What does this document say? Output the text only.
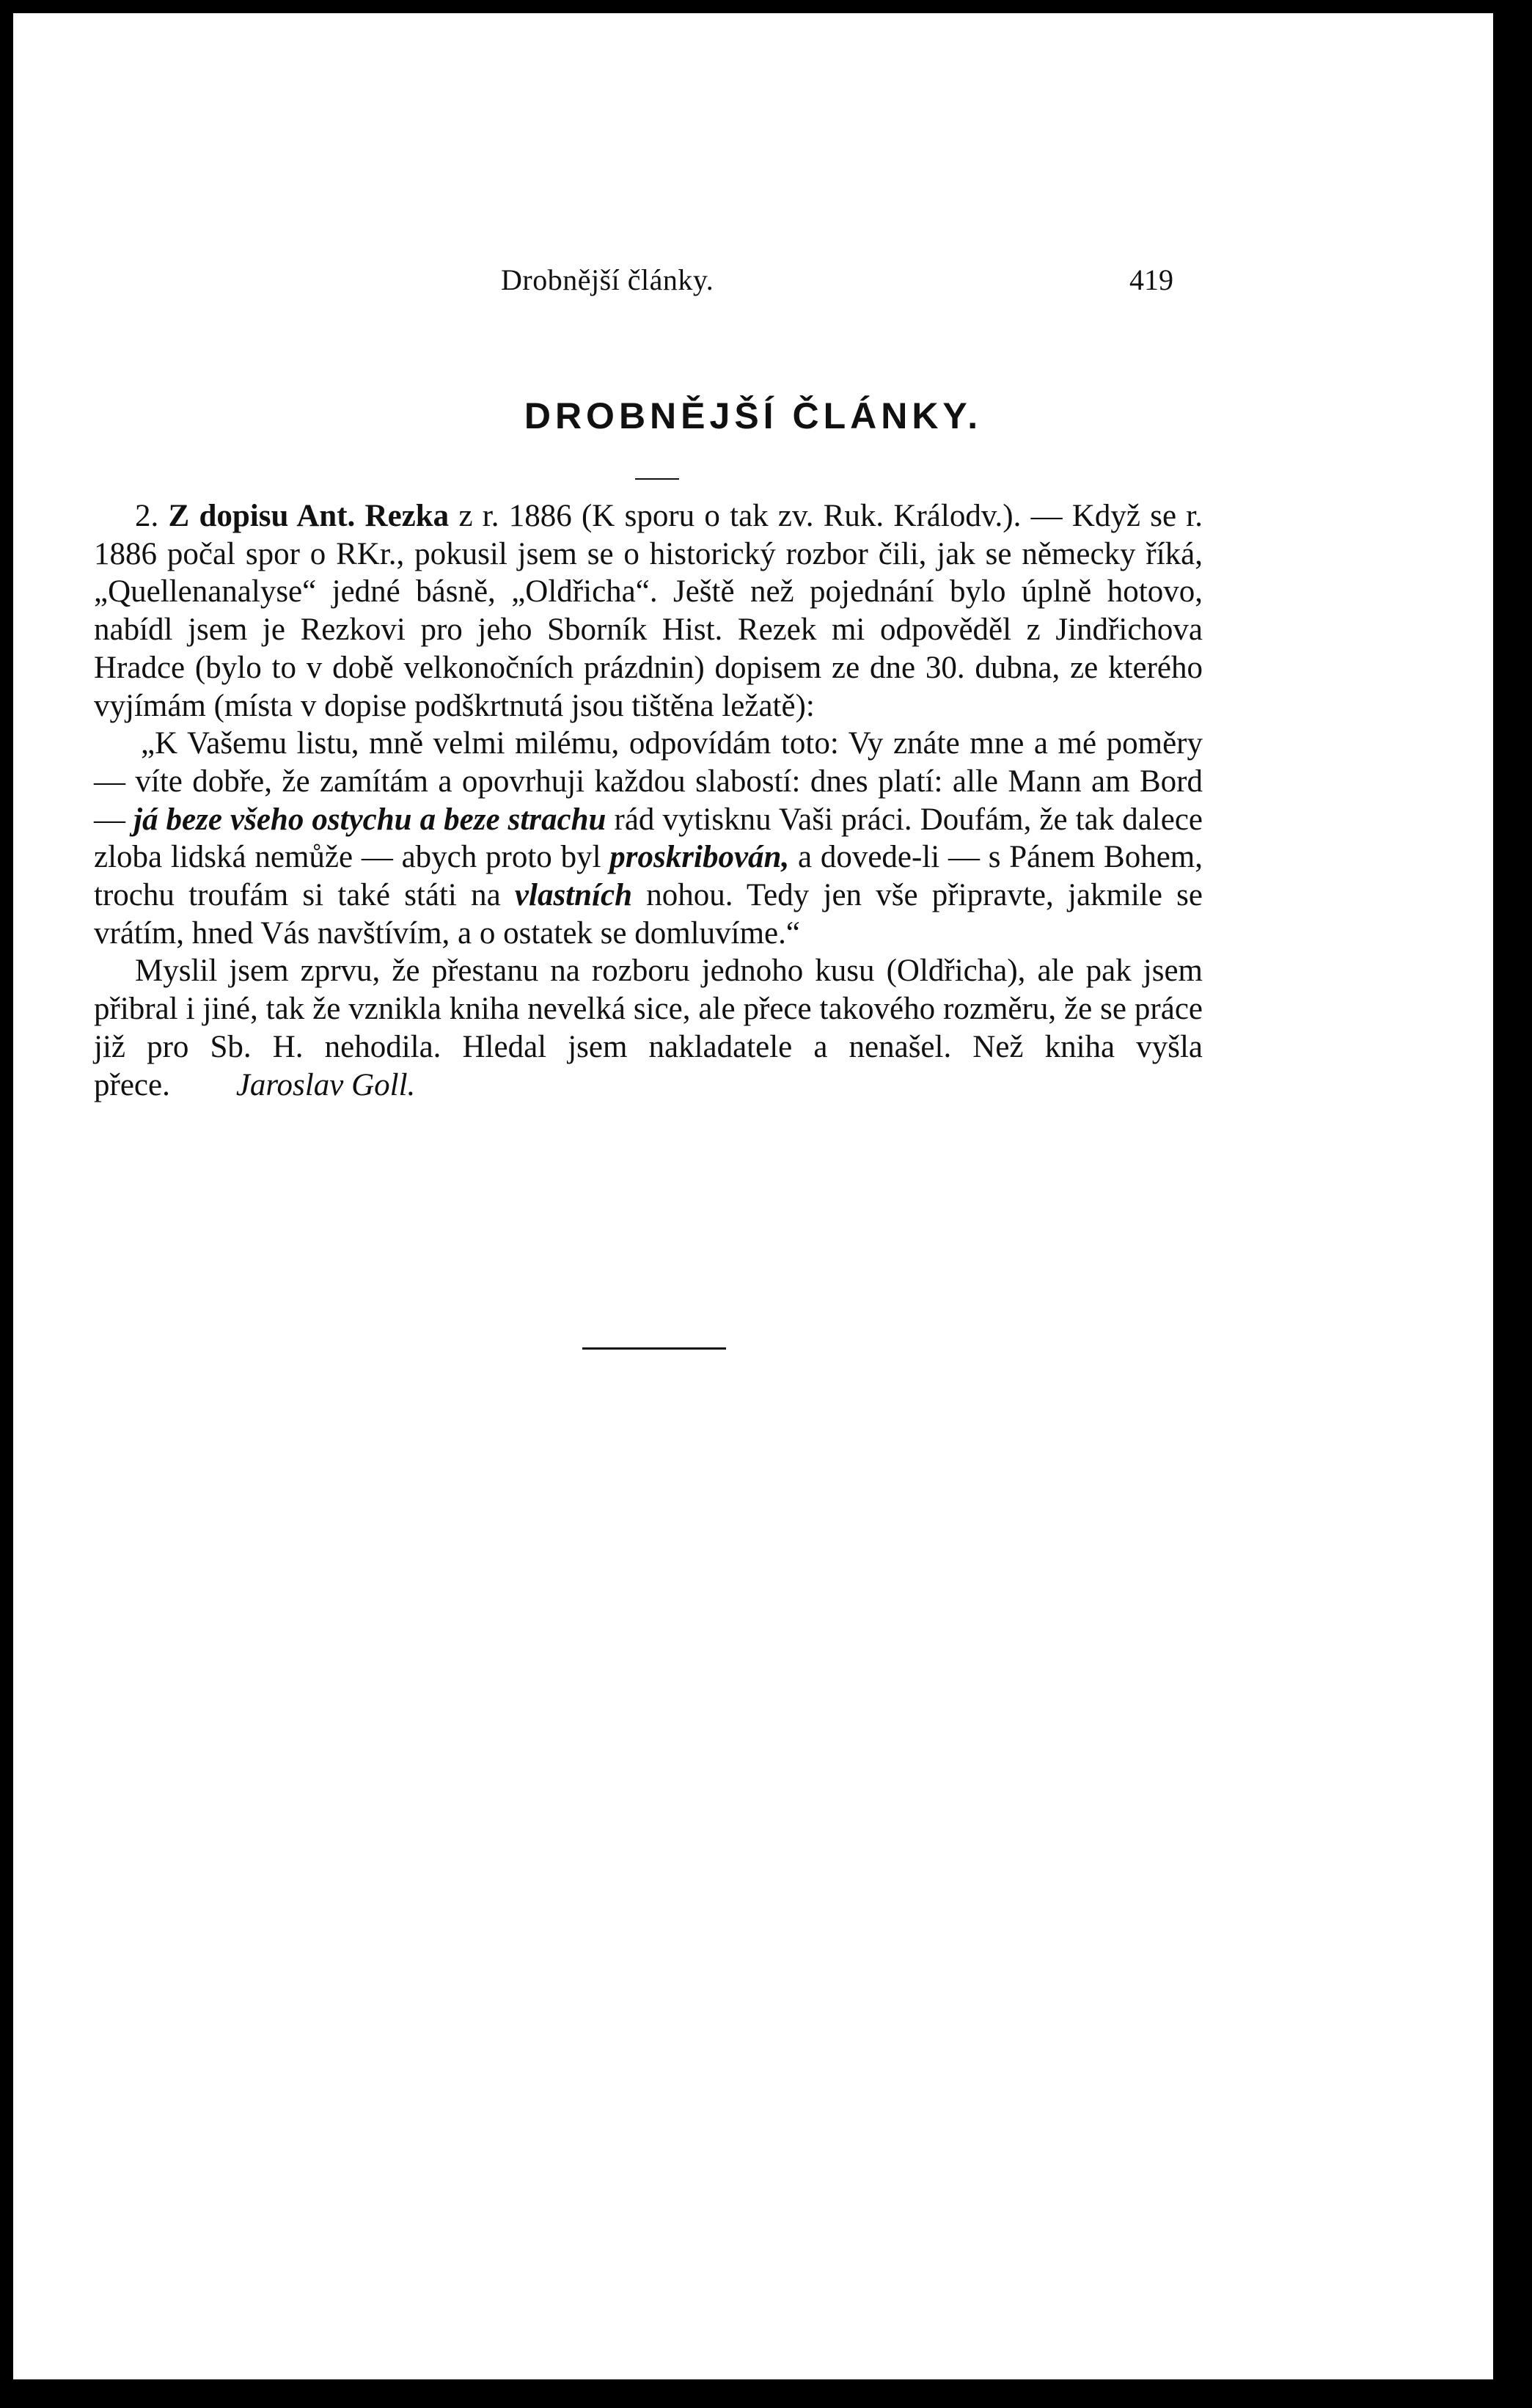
Drobnější články.	419
DROBNĚJŠÍ ČLÁNKY.

2. Z dopisu Ant. Rezka z r. 1886 (K sporu o tak zv. Ruk. Králodv.). — Když se r. 1886 počal spor o RKr., pokusil jsem se o historický rozbor čili, jak se německy říká, „Quellenanalyse“ jedné básně, „Oldřicha“. Ještě než pojednání bylo úplně hotovo, nabídl jsem je Rezkovi pro jeho Sborník Hist. Rezek mi odpověděl z Jindřichova Hradce (bylo to v době velkonočních prázdnin) dopisem ze dne 30. dubna, ze kterého vyjímám (místa v dopise podškrtnutá jsou tištěna ležatě):

„K Vašemu listu, mně velmi milému, odpovídám toto: Vy znáte mne a mé poměry — víte dobře, že zamítám a opovrhuji každou slabostí: dnes platí: alle Mann am Bord — já beze všeho ostychu a beze strachu rád vytisknu Vaši práci. Doufám, že tak dalece zloba lidská nemůže — abych proto byl proskribován, a dovede-li — s Pánem Bohem, trochu troufám si také státi na vlastních nohou. Tedy jen vše připravte, jakmile se vrátím, hned Vás navštívím, a o ostatek se domluvíme.“

Myslil jsem zprvu, že přestanu na rozboru jednoho kusu (Oldřicha), ale pak jsem přibral i jiné, tak že vznikla kniha nevelká sice, ale přece takového rozměru, že se práce již pro Sb. H. nehodila. Hledal jsem nakladatele a nenašel. Než kniha vyšla přece. Jaroslav Goll.
